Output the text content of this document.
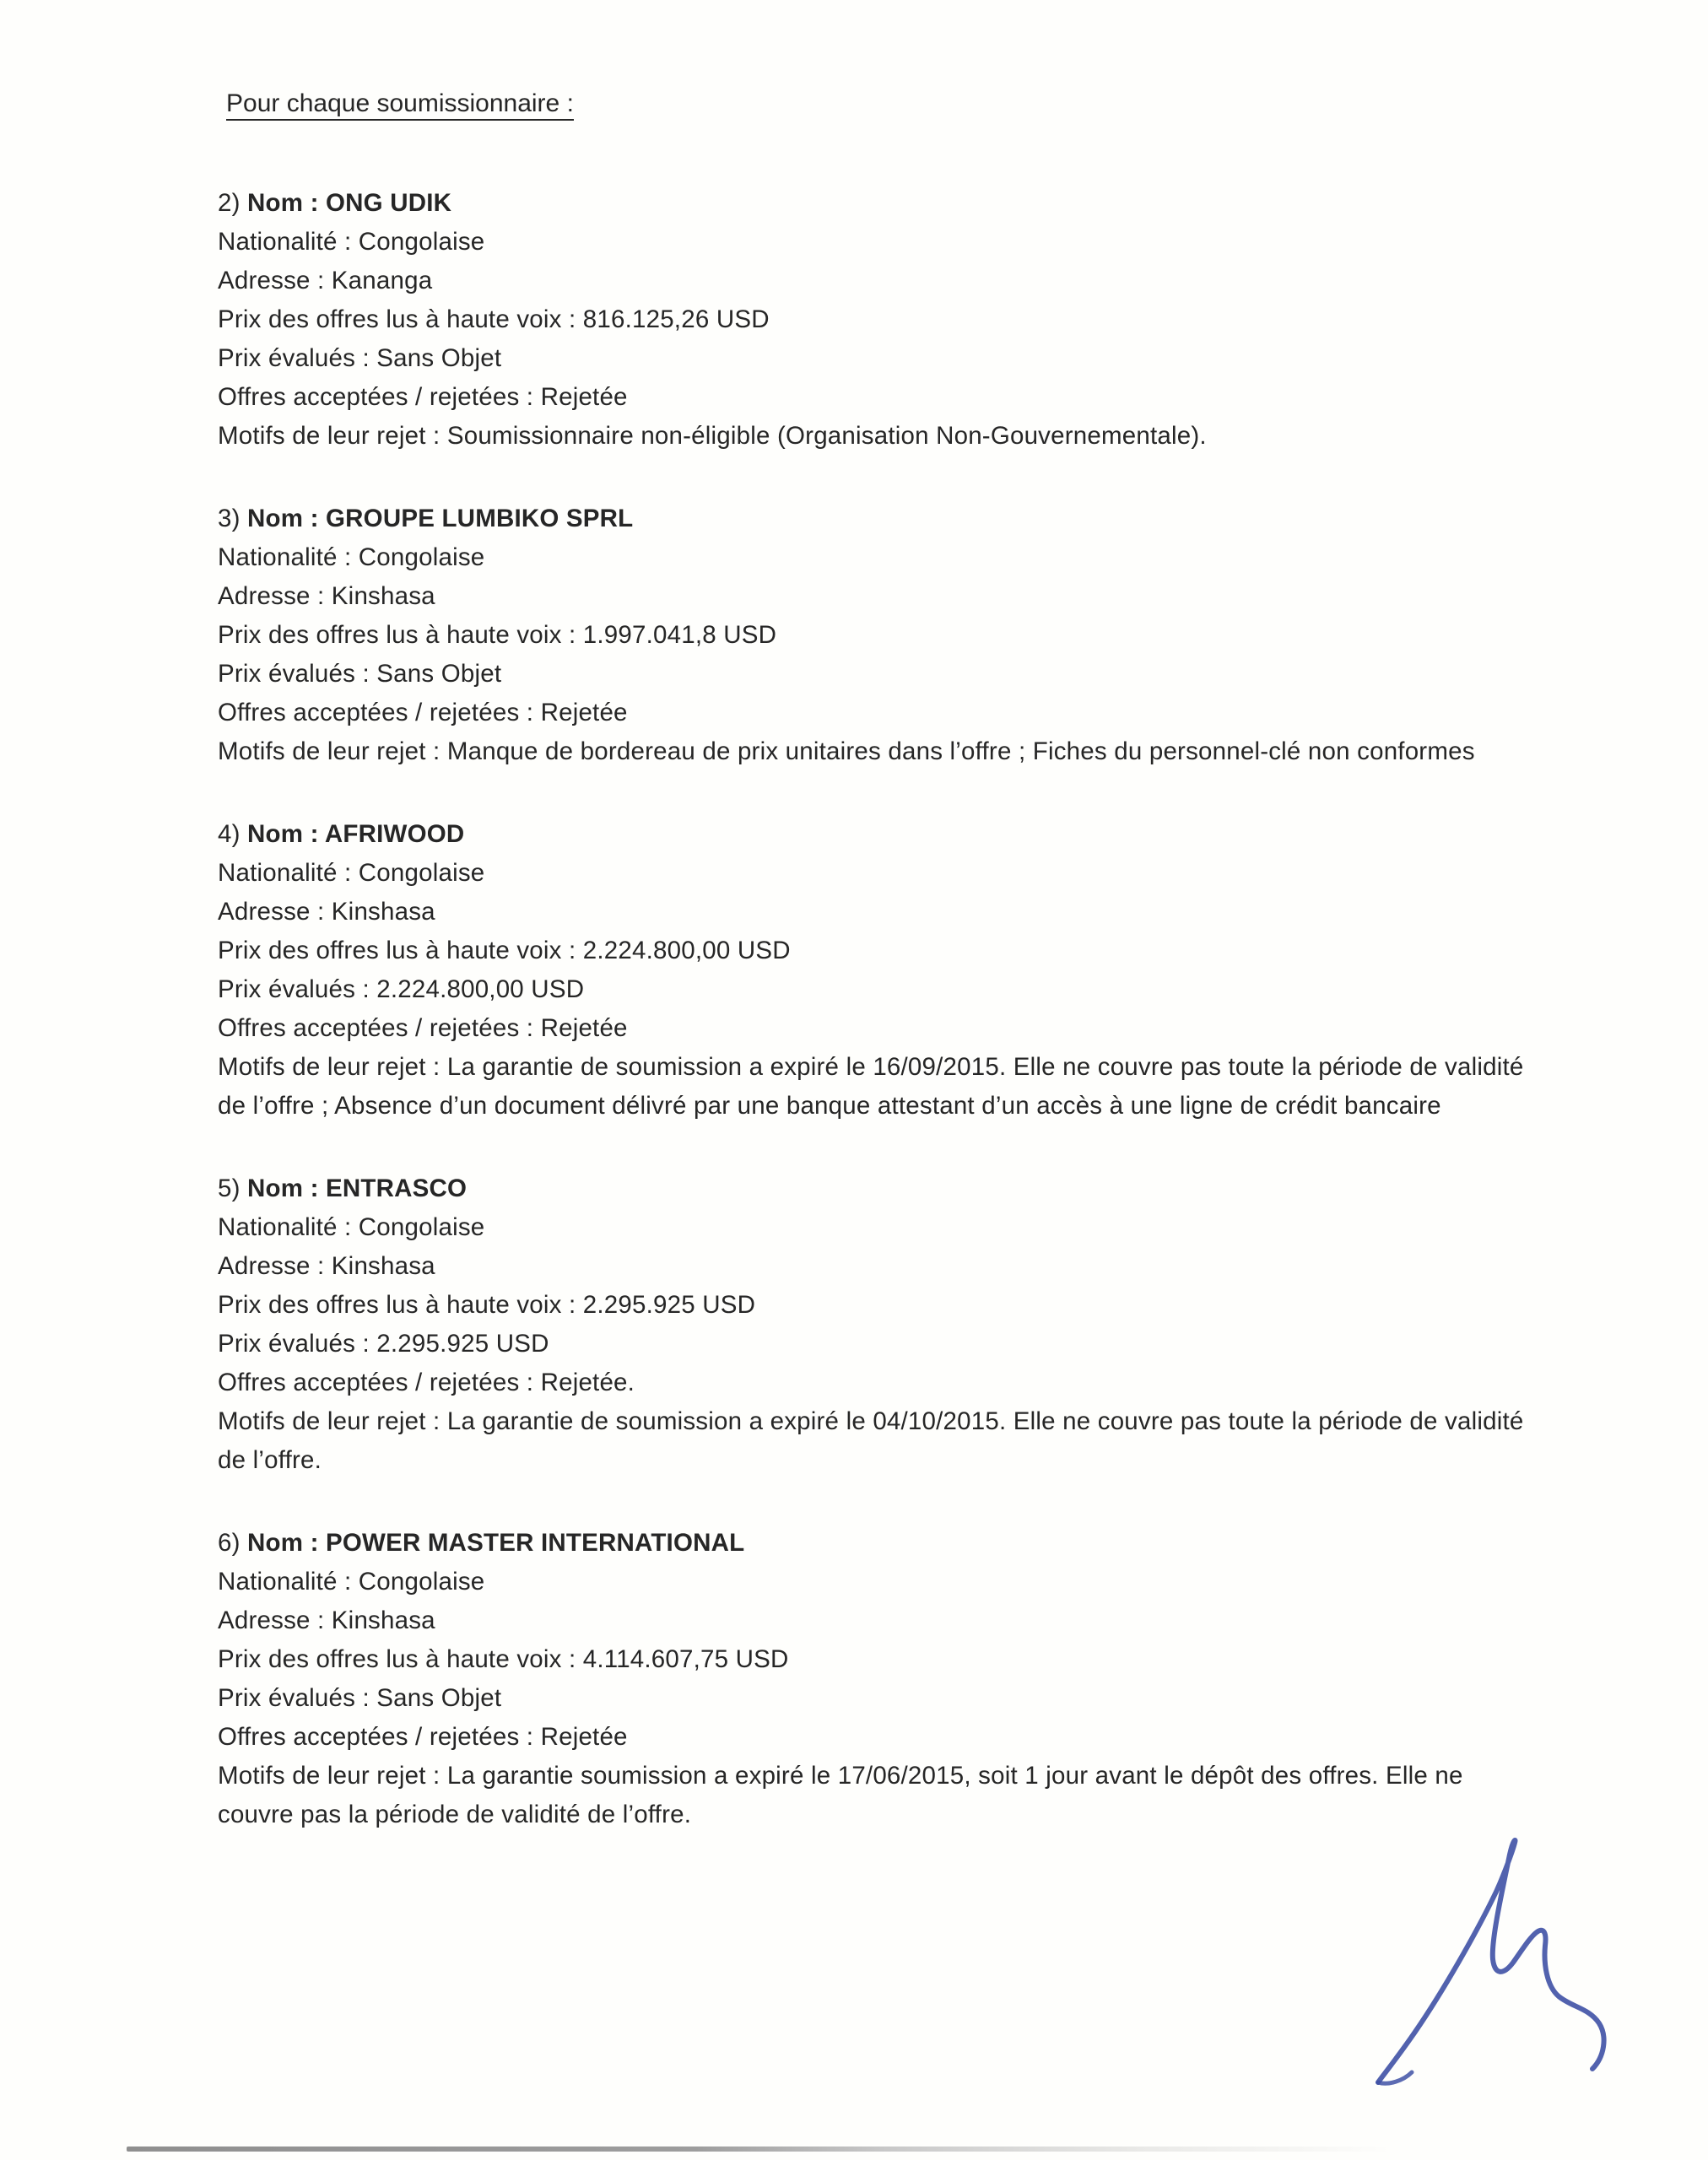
Pour chaque soumissionnaire :

2) Nom : ONG UDIK

Nationalité : Congolaise

Adresse : Kananga

Prix des offres lus à haute voix : 816.125,26 USD

Prix évalués : Sans Objet

Offres acceptées / rejetées : Rejetée

Motifs de leur rejet : Soumissionnaire non-éligible (Organisation Non-Gouvernementale).

3) Nom : GROUPE LUMBIKO SPRL

Nationalité : Congolaise

Adresse : Kinshasa

Prix des offres lus à haute voix : 1.997.041,8 USD

Prix évalués : Sans Objet

Offres acceptées / rejetées : Rejetée

Motifs de leur rejet : Manque de bordereau de prix unitaires dans l’offre ; Fiches du personnel-clé non conformes

4) Nom : AFRIWOOD

Nationalité : Congolaise

Adresse : Kinshasa

Prix des offres lus à haute voix : 2.224.800,00 USD

Prix évalués : 2.224.800,00 USD

Offres acceptées / rejetées : Rejetée

Motifs de leur rejet : La garantie de soumission a expiré le 16/09/2015. Elle ne couvre pas toute la période de validité de l’offre ; Absence d’un document délivré par une banque attestant d’un accès à une ligne de crédit bancaire

5) Nom : ENTRASCO

Nationalité : Congolaise

Adresse : Kinshasa

Prix des offres lus à haute voix : 2.295.925 USD

Prix évalués : 2.295.925 USD

Offres acceptées / rejetées : Rejetée.

Motifs de leur rejet : La garantie de soumission a expiré le 04/10/2015. Elle ne couvre pas toute la période de validité de l’offre.

6) Nom : POWER MASTER INTERNATIONAL

Nationalité : Congolaise

Adresse : Kinshasa

Prix des offres lus à haute voix : 4.114.607,75 USD

Prix évalués : Sans Objet

Offres acceptées / rejetées : Rejetée

Motifs de leur rejet : La garantie soumission a expiré le 17/06/2015, soit 1 jour avant le dépôt des offres. Elle ne couvre pas la période de validité de l’offre.
